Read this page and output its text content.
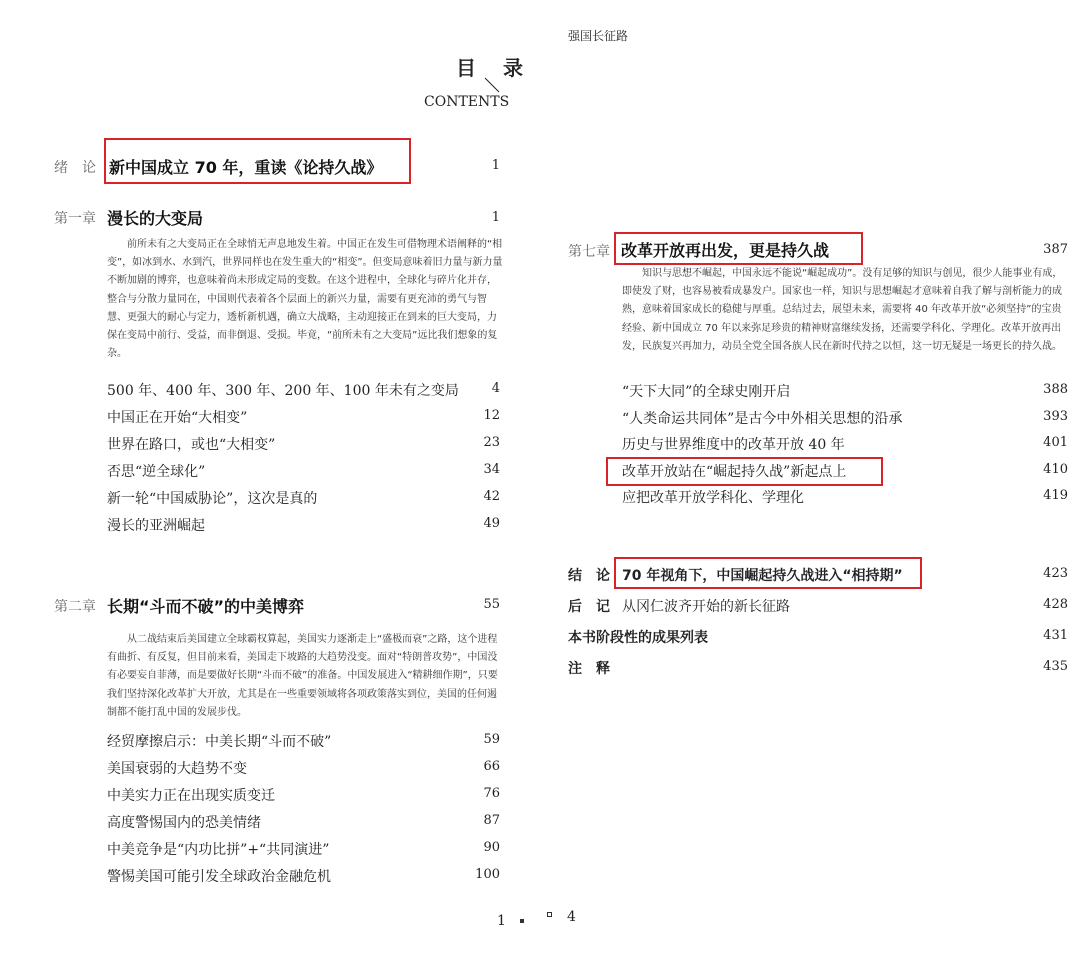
强国长征路
目 录
CONTENTS
绪　论 新中国成立 70 年，重读《论持久战》	1
第一章 漫长的大变局	1
前所未有之大变局正在全球悄无声息地发生着。中国正在发生可借物理术语阐释的“相变”，如冰到水、水到汽，世界同样也在发生重大的“相变”。但变局意味着旧力量与新力量不断加剧的博弈，也意味着尚未形成定局的变数。在这个进程中，全球化与碎片化并存，整合与分散力量同在，中国则代表着各个层面上的新兴力量，需要有更充沛的勇气与智慧、更强大的耐心与定力，透析新机遇，确立大战略，主动迎接正在到来的巨大变局，力保在变局中前行、受益，而非倒退、受损。毕竟，“前所未有之大变局”远比我们想象的复杂。
500 年、400 年、300 年、200 年、100 年未有之变局	4
中国正在开始“大相变”	12
世界在路口，或也“大相变”	23
否思“逆全球化”	34
新一轮“中国威胁论”，这次是真的	42
漫长的亚洲崛起	49
第二章 长期“斗而不破”的中美博弈	55
从二战结束后美国建立全球霸权算起，美国实力逐渐走上“盛极而衰”之路，这个进程有曲折、有反复，但目前来看，美国走下坡路的大趋势没变。面对“特朗普攻势”，中国没有必要妄自菲薄，而是要做好长期“斗而不破”的准备。中国发展进入“精耕细作期”，只要我们坚持深化改革扩大开放，尤其是在一些重要领域将各项政策落实到位，美国的任何遏制都不能打乱中国的发展步伐。
经贸摩擦启示：中美长期“斗而不破”	59
美国衰弱的大趋势不变	66
中美实力正在出现实质变迁	76
高度警惕国内的恐美情绪	87
中美竞争是“内功比拼”+“共同演进”	90
警惕美国可能引发全球政治金融危机	100
第七章 改革开放再出发，更是持久战	387
知识与思想不崛起，中国永远不能说“崛起成功”。没有足够的知识与创见，很少人能事业有成，即使发了财，也容易被看成暴发户。国家也一样，知识与思想崛起才意味着自我了解与剖析能力的成熟，意味着国家成长的稳健与厚重。总结过去，展望未来，需要将 40 年改革开放“必须坚持”的宝贵经验、新中国成立 70 年以来弥足珍贵的精神财富继续发扬，还需要学科化、学理化。改革开放再出发，民族复兴再加力，动员全党全国各族人民在新时代持之以恒，这一切无疑是一场更长的持久战。
“天下大同”的全球史刚开启	388
“人类命运共同体”是古今中外相关思想的沿承	393
历史与世界维度中的改革开放 40 年	401
改革开放站在“崛起持久战”新起点上	410
应把改革开放学科化、学理化	419
结　论 70 年视角下，中国崛起持久战进入“相持期”	423
后　记 从冈仁波齐开始的新长征路	428
本书阶段性的成果列表	431
注　释	435
1	4
